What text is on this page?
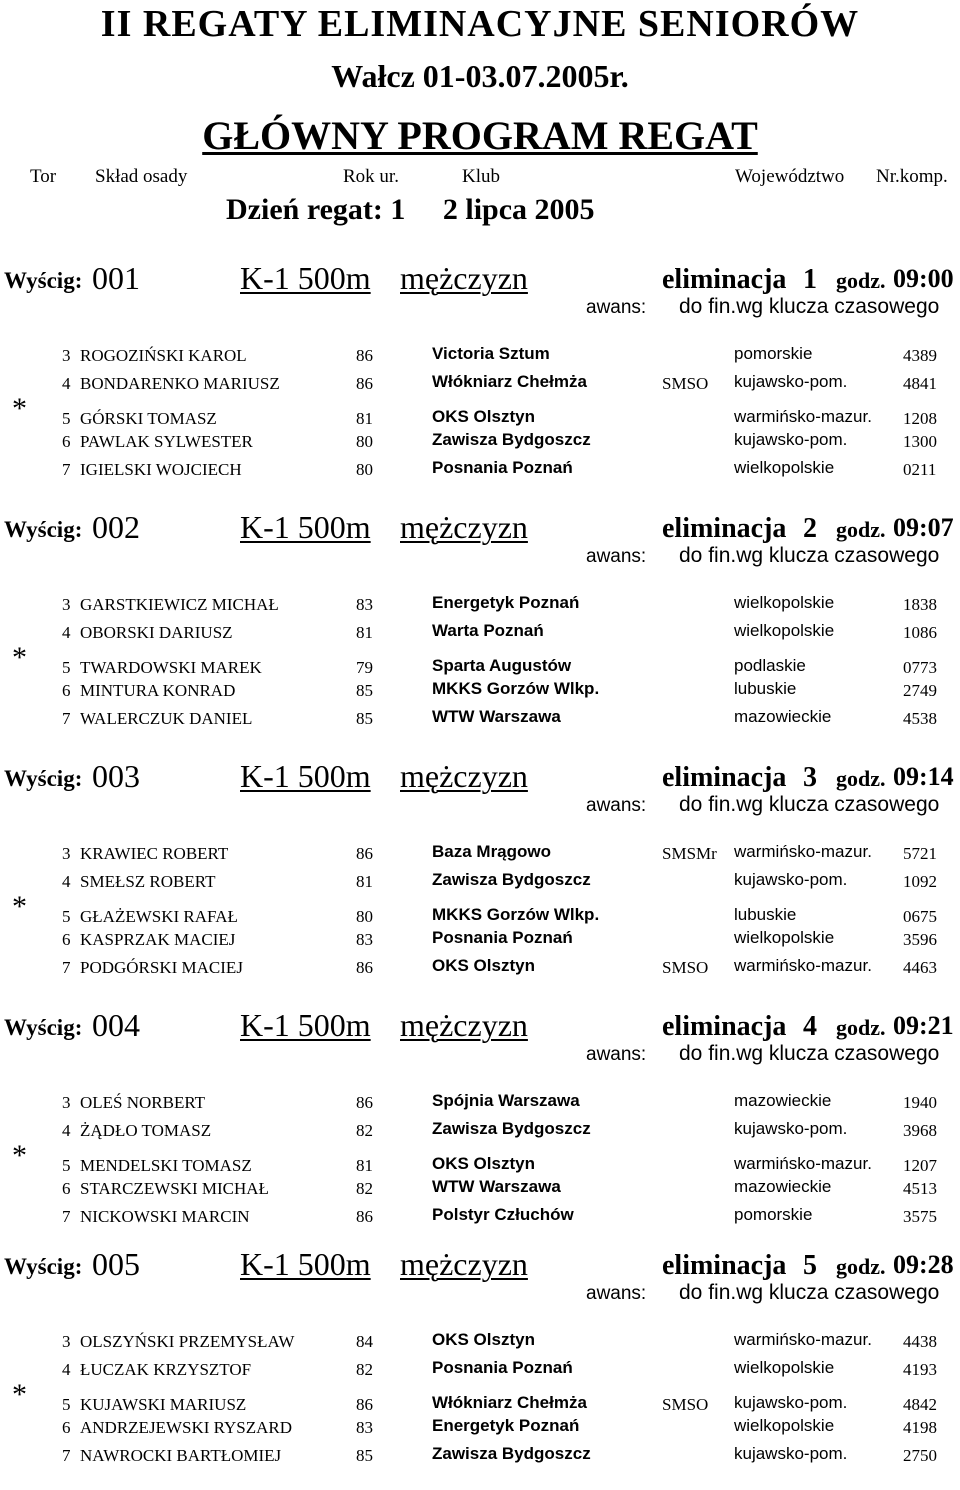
II REGATY ELIMINACYJNE SENIORÓW
Wałcz 01-03.07.2005r.
GŁÓWNY PROGRAM REGAT
Tor Skład osady	Rok ur.	Klub	Województwo Nr.komp.
Dzień regat: 1     2 lipca 2005
Wyścig: 001	K-1 500m mężczyzn	eliminacja 1 godz. 09:00
awans: do fin.wg klucza czasowego
*
3 ROGOZIŃSKI KAROL	86	Victoria Sztum	pomorskie	4389
4 BONDARENKO MARIUSZ	86	Włókniarz Chełmża	SMSO kujawsko-pom.	4841
5 GÓRSKI TOMASZ	81	OKS Olsztyn	warmińsko-mazur. 1208
6 PAWLAK SYLWESTER	80	Zawisza Bydgoszcz	kujawsko-pom.	1300
7 IGIELSKI WOJCIECH	80	Posnania Poznań	wielkopolskie	0211
Wyścig: 002	K-1 500m mężczyzn	eliminacja 2 godz. 09:07
awans: do fin.wg klucza czasowego
*
3 GARSTKIEWICZ MICHAŁ	83	Energetyk Poznań	wielkopolskie	1838
4 OBORSKI DARIUSZ	81	Warta Poznań	wielkopolskie	1086
5 TWARDOWSKI MAREK	79	Sparta Augustów	podlaskie	0773
6 MINTURA KONRAD	85	MKKS Gorzów Wlkp.	lubuskie	2749
7 WALERCZUK DANIEL	85	WTW Warszawa	mazowieckie	4538
Wyścig: 003	K-1 500m mężczyzn	eliminacja 3 godz. 09:14
awans: do fin.wg klucza czasowego
*
3 KRAWIEC ROBERT	86	Baza Mrągowo	SMSMr warmińsko-mazur. 5721
4 SMEŁSZ ROBERT	81	Zawisza Bydgoszcz	kujawsko-pom.	1092
5 GŁAŻEWSKI RAFAŁ	80	MKKS Gorzów Wlkp.	lubuskie	0675
6 KASPRZAK MACIEJ	83	Posnania Poznań	wielkopolskie	3596
7 PODGÓRSKI MACIEJ	86	OKS Olsztyn	SMSO warmińsko-mazur. 4463
Wyścig: 004	K-1 500m mężczyzn	eliminacja 4 godz. 09:21
awans: do fin.wg klucza czasowego
*
3 OLEŚ NORBERT	86	Spójnia Warszawa	mazowieckie	1940
4 ŻĄDŁO TOMASZ	82	Zawisza Bydgoszcz	kujawsko-pom.	3968
5 MENDELSKI TOMASZ	81	OKS Olsztyn	warmińsko-mazur. 1207
6 STARCZEWSKI MICHAŁ	82	WTW Warszawa	mazowieckie	4513
7 NICKOWSKI MARCIN	86	Polstyr Człuchów	pomorskie	3575
Wyścig: 005	K-1 500m mężczyzn	eliminacja 5 godz. 09:28
awans: do fin.wg klucza czasowego
*
3 OLSZYŃSKI PRZEMYSŁAW	84	OKS Olsztyn	warmińsko-mazur. 4438
4 ŁUCZAK KRZYSZTOF	82	Posnania Poznań	wielkopolskie	4193
5 KUJAWSKI MARIUSZ	86	Włókniarz Chełmża	SMSO kujawsko-pom.	4842
6 ANDRZEJEWSKI RYSZARD	83	Energetyk Poznań	wielkopolskie	4198
7 NAWROCKI BARTŁOMIEJ	85	Zawisza Bydgoszcz	kujawsko-pom.	2750
